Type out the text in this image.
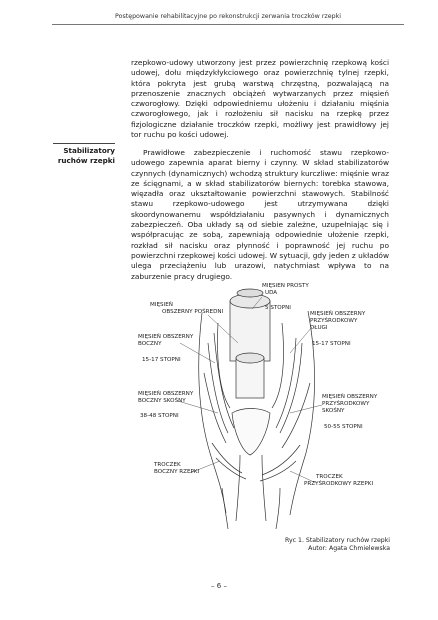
Postępowanie rehabilitacyjne po rekonstrukcji zerwania troczków rzepki

rzepkowo-udowy utworzony jest przez powierzchnię rzepkową kości udowej, dołu międzykłykciowego oraz powierzchnię tylnej rzepki, która pokryta jest grubą warstwą chrzęstną, pozwalającą na przenoszenie znacznych obciążeń wytwarzanych przez mięsień czworogłowy. Dzięki odpowiedniemu ułożeniu i działaniu mięśnia czworogłowego, jak i rozłożeniu sił nacisku na rzepkę przez fizjologiczne działanie troczków rzepki, możliwy jest prawidłowy jej tor ruchu po kości udowej.

Stabilizatory
ruchów rzepki

Prawidłowe zabezpieczenie i ruchomość stawu rzepkowo-udowego zapewnia aparat bierny i czynny. W skład stabilizatorów czynnych (dynamicznych) wchodzą struktury kurczliwe: mięśnie wraz ze ścięgnami, a w skład stabilizatorów biernych: torebka stawowa, więzadła oraz ukształtowanie powierzchni stawowych. Stabilność stawu rzepkowo-udowego jest utrzymywana dzięki skoordynowanemu współdziałaniu pasywnych i dynamicznych zabezpieczeń. Oba układy są od siebie zależne, uzupełniając się i współpracując ze sobą, zapewniają odpowiednie ułożenie rzepki, rozkład sił nacisku oraz płynność i poprawność jej ruchu po powierzchni rzepkowej kości udowej. W sytuacji, gdy jeden z układów ulega przeciążeniu lub urazowi, natychmiast wpływa to na zaburzenie pracy drugiego.

MIĘSIEŃ PROSTY
UDA
5 STOPNI
MIĘSIEŃ
OBSZERNY POŚREDNI
MIĘSIEŃ OBSZERNY
BOCZNY
15-17 STOPNI
MIĘSIEŃ OBSZERNY
PRZYŚRODKOWY
DŁUGI
15-17 STOPNI
MIĘSIEŃ OBSZERNY
BOCZNY SKOŚNY
38-48 STOPNI
MIĘSIEŃ OBSZERNY
PRZYŚRODKOWY
SKOŚNY
50-55 STOPNI
TROCZEK
BOCZNY RZEPKI
TROCZEK
PRZYŚRODKOWY RZEPKI
Ryc 1. Stabilizatory ruchów rzepki
Autor: Agata Chmielewska
– 6 –
